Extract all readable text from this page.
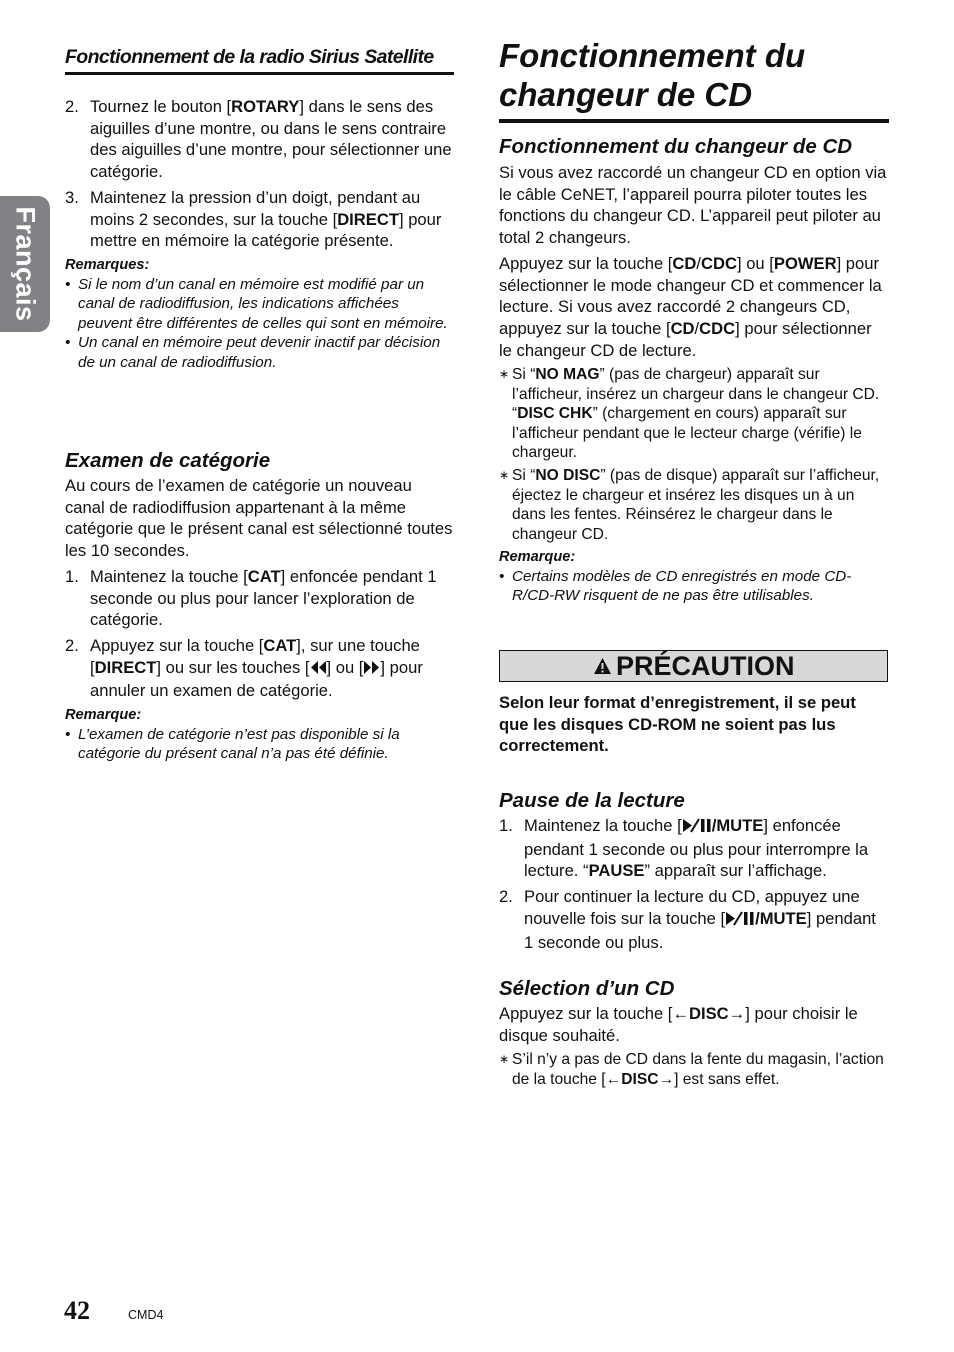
Français
Fonctionnement de la radio Sirius Satellite
2. Tournez le bouton [ROTARY] dans le sens des aiguilles d’une montre, ou dans le sens contraire des aiguilles d’une montre, pour sélectionner une catégorie.
3. Maintenez la pression d’un doigt, pendant au moins 2 secondes, sur la touche [DIRECT] pour mettre en mémoire la catégorie présente.

Remarques:

• Si le nom d’un canal en mémoire est modifié par un canal de radiodiffusion, les indications affichées peuvent être différentes de celles qui sont en mémoire.
• Un canal en mémoire peut devenir inactif par décision de un canal de radiodiffusion.

Examen de catégorie

Au cours de l’examen de catégorie un nouveau canal de radiodiffusion appartenant à la même catégorie que le présent canal est sélectionné toutes les 10 secondes.

1. Maintenez la touche [CAT] enfoncée pendant 1 seconde ou plus pour lancer l’exploration de catégorie.
2. Appuyez sur la touche [CAT], sur une touche [DIRECT] ou sur les touches [ ] ou [ ] pour annuler un examen de catégorie.

Remarque:

• L’examen de catégorie n’est pas disponible si la catégorie du présent canal n’a pas été définie.
Fonctionnement du changeur de CD

Fonctionnement du changeur de CD

Si vous avez raccordé un changeur CD en option via le câble CeNET, l’appareil pourra piloter toutes les fonctions du changeur CD. L’appareil peut piloter au total 2 changeurs.

Appuyez sur la touche [CD/CDC] ou [POWER] pour sélectionner le mode changeur CD et commencer la lecture. Si vous avez raccordé 2 changeurs CD, appuyez sur la touche [CD/CDC] pour sélectionner le changeur CD de lecture.

∗ Si “NO MAG” (pas de chargeur) apparaît sur l’afficheur, insérez un chargeur dans le changeur CD. “DISC CHK” (chargement en cours) apparaît sur l’afficheur pendant que le lecteur charge (vérifie) le chargeur.
∗ Si “NO DISC” (pas de disque) apparaît sur l’afficheur, éjectez le chargeur et insérez les disques un à un dans les fentes. Réinsérez le chargeur dans le changeur CD.

Remarque:

• Certains modèles de CD enregistrés en mode CD-R/CD-RW risquent de ne pas être utilisables.
PRÉCAUTION

Selon leur format d’enregistrement, il se peut que les disques CD-ROM ne soient pas lus correctement.

Pause de la lecture

1. Maintenez la touche [ /MUTE] enfoncée pendant 1 seconde ou plus pour interrompre la lecture. “PAUSE” apparaît sur l’affichage.
2. Pour continuer la lecture du CD, appuyez une nouvelle fois sur la touche [ /MUTE] pendant 1 seconde ou plus.

Sélection d’un CD

Appuyez sur la touche [←DISC→] pour choisir le disque souhaité.

∗ S’il n’y a pas de CD dans la fente du magasin, l’action de la touche [←DISC→] est sans effet.
42	CMD4
